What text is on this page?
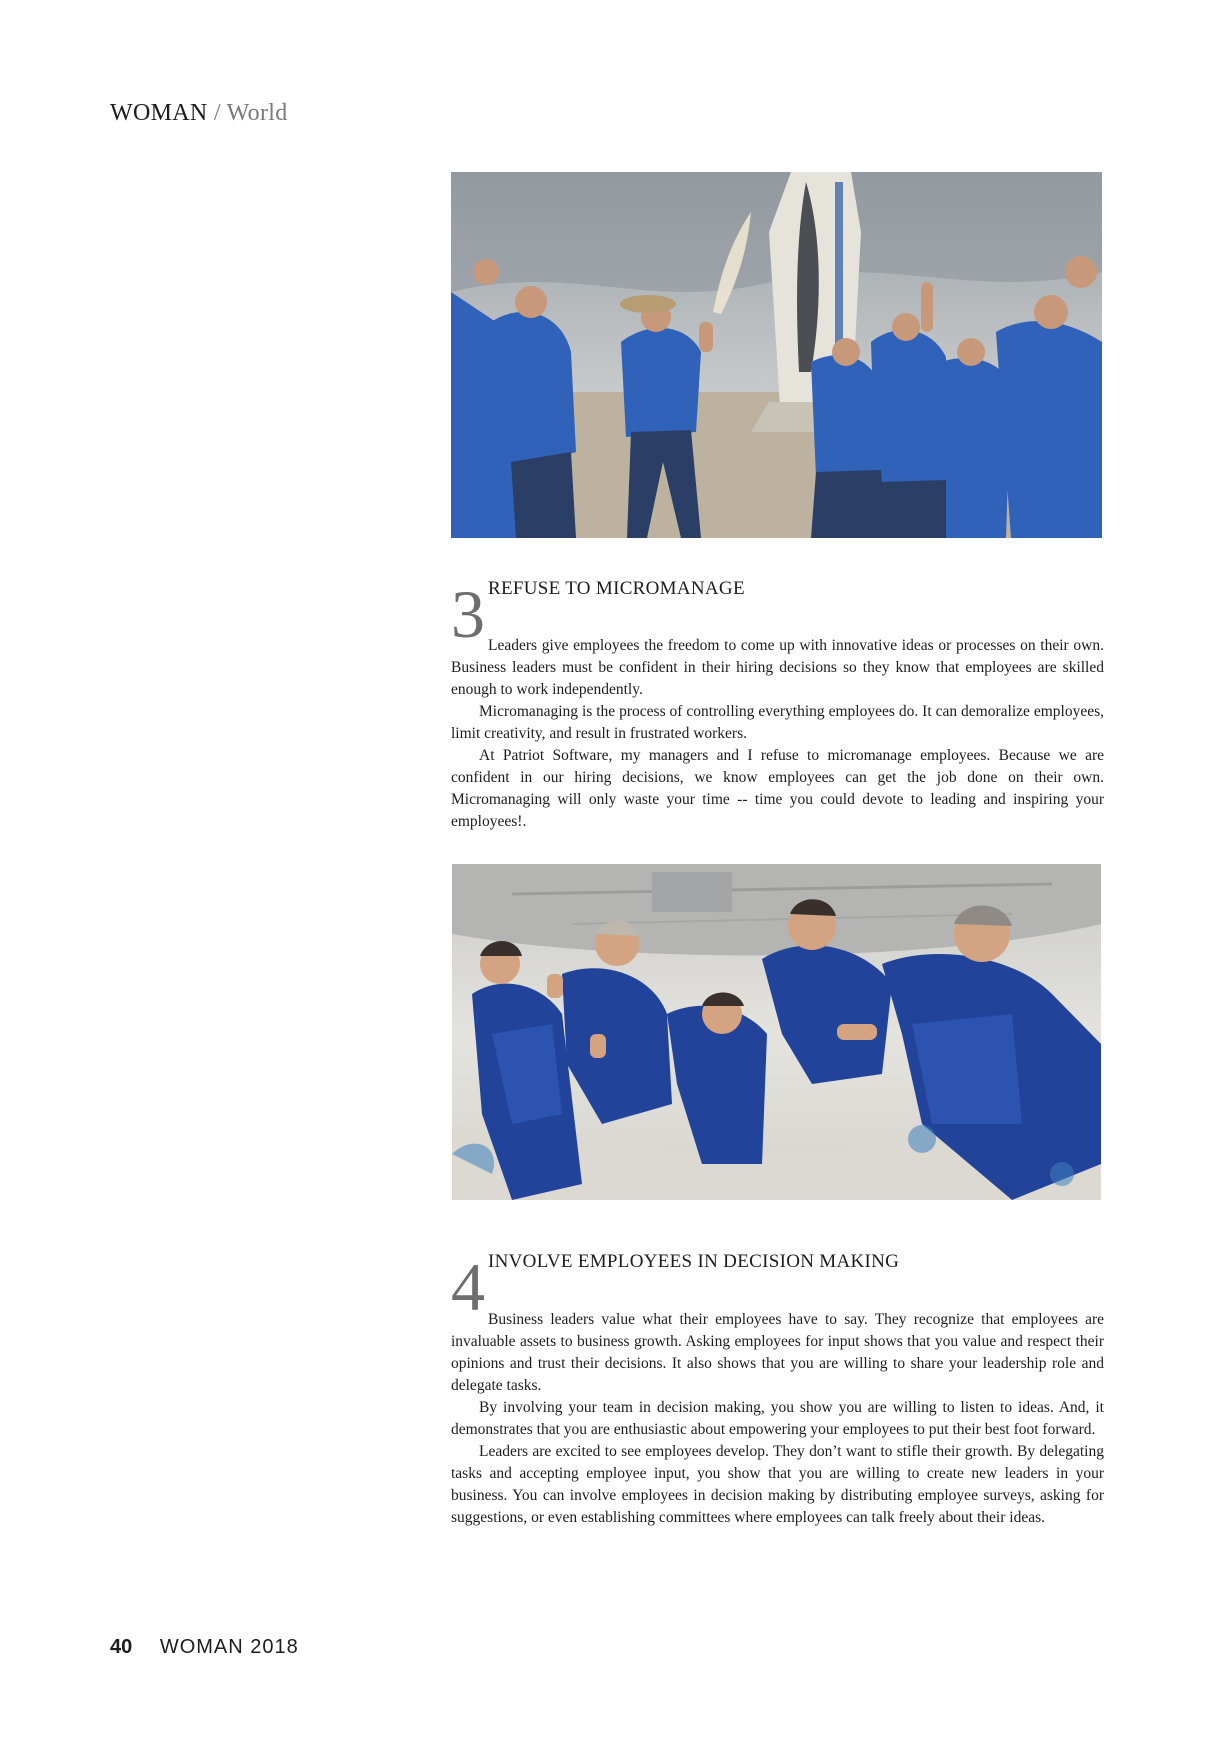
WOMAN / World
3 REFUSE TO MICROMANAGE

Leaders give employees the freedom to come up with innovative ideas or processes on their own. Business leaders must be confident in their hiring decisions so they know that employees are skilled enough to work independently.

Micromanaging is the process of controlling everything employees do. It can demoralize employees, limit creativity, and result in frustrated workers.

At Patriot Software, my managers and I refuse to micromanage employees. Because we are confident in our hiring decisions, we know employees can get the job done on their own. Micromanaging will only waste your time -- time you could devote to leading and inspiring your employees!.

4 INVOLVE EMPLOYEES IN DECISION MAKING

Business leaders value what their employees have to say. They recognize that employees are invaluable assets to business growth. Asking employees for input shows that you value and respect their opinions and trust their decisions. It also shows that you are willing to share your leadership role and delegate tasks.

By involving your team in decision making, you show you are willing to listen to ideas. And, it demonstrates that you are enthusiastic about empowering your employees to put their best foot forward.

Leaders are excited to see employees develop. They don’t want to stifle their growth. By delegating tasks and accepting employee input, you show that you are willing to create new leaders in your business. You can involve employees in decision making by distributing employee surveys, asking for suggestions, or even establishing committees where employees can talk freely about their ideas.

40 WOMAN 2018
